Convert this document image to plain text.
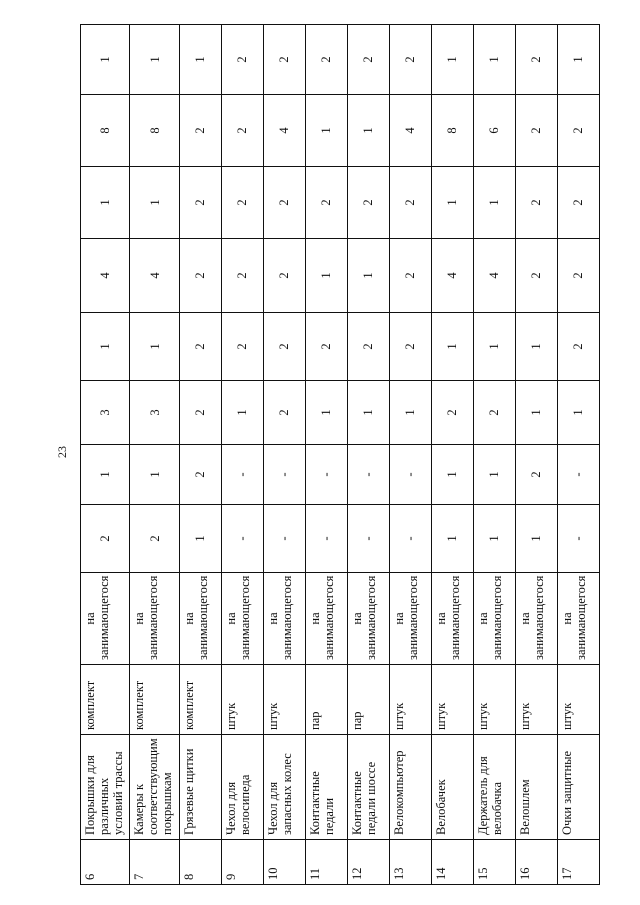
23
6	Покрышки для различных условий трассы	комплект	на занимающегося	2	1	3	1	4	1	8	1
7	Камеры к соответствующим покрышкам	комплект	на занимающегося	2	1	3	1	4	1	8	1
8	Грязевые щитки	комплект	на занимающегося	1	2	2	2	2	2	2	1
9	Чехол для велосипеда	штук	на занимающегося	-	-	1	2	2	2	2	2
10	Чехол для запасных колес	штук	на занимающегося	-	-	2	2	2	2	4	2
11	Контактные педали	пар	на занимающегося	-	-	1	2	1	2	1	2
12	Контактные педали шоссе	пар	на занимающегося	-	-	1	2	1	2	1	2
13	Велокомпьютер	штук	на занимающегося	-	-	1	2	2	2	4	2
14	Велобачек	штук	на занимающегося	1	1	2	1	4	1	8	1
15	Держатель для велобачка	штук	на занимающегося	1	1	2	1	4	1	6	1
16	Велошлем	штук	на занимающегося	1	2	1	1	2	2	2	2
17	Очки защитные	штук	на занимающегося	-	-	1	2	2	2	2	1
